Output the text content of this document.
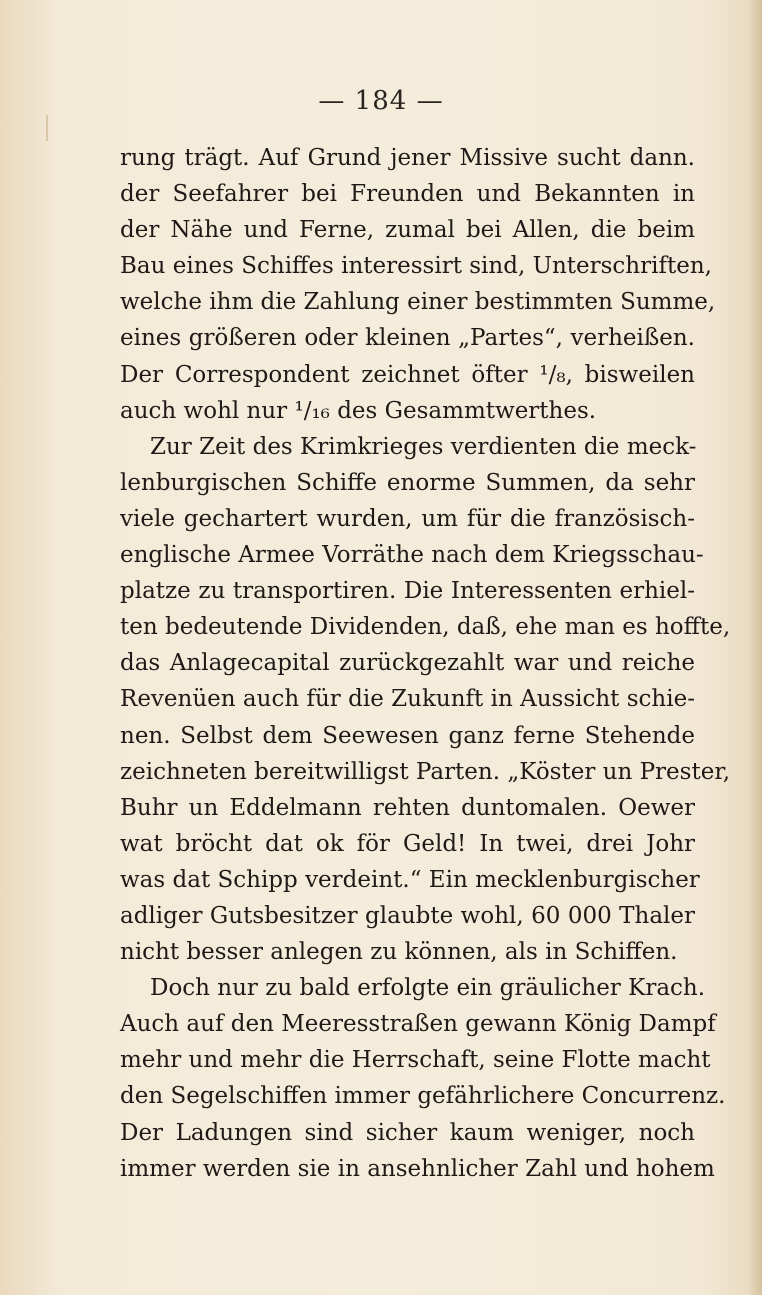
— 184 —
rung trägt. Auf Grund jener Missive sucht dann.
der Seefahrer bei Freunden und Bekannten in
der Nähe und Ferne, zumal bei Allen, die beim
Bau eines Schiffes interessirt sind, Unterschriften,
welche ihm die Zahlung einer bestimmten Summe,
eines größeren oder kleinen „Partes“, verheißen.
Der Correspondent zeichnet öfter ¹/₈, bisweilen
auch wohl nur ¹/₁₆ des Gesammtwerthes.
Zur Zeit des Krimkrieges verdienten die meck-
lenburgischen Schiffe enorme Summen, da sehr
viele gechartert wurden, um für die französisch-
englische Armee Vorräthe nach dem Kriegsschau-
platze zu transportiren. Die Interessenten erhiel-
ten bedeutende Dividenden, daß, ehe man es hoffte,
das Anlagecapital zurückgezahlt war und reiche
Revenüen auch für die Zukunft in Aussicht schie-
nen. Selbst dem Seewesen ganz ferne Stehende
zeichneten bereitwilligst Parten. „Köster un Prester,
Buhr un Eddelmann rehten duntomalen. Oewer
wat bröcht dat ok för Geld! In twei, drei Johr
was dat Schipp verdeint.“ Ein mecklenburgischer
adliger Gutsbesitzer glaubte wohl, 60 000 Thaler
nicht besser anlegen zu können, als in Schiffen.
Doch nur zu bald erfolgte ein gräulicher Krach.
Auch auf den Meeresstraßen gewann König Dampf
mehr und mehr die Herrschaft, seine Flotte macht
den Segelschiffen immer gefährlichere Concurrenz.
Der Ladungen sind sicher kaum weniger, noch
immer werden sie in ansehnlicher Zahl und hohem
